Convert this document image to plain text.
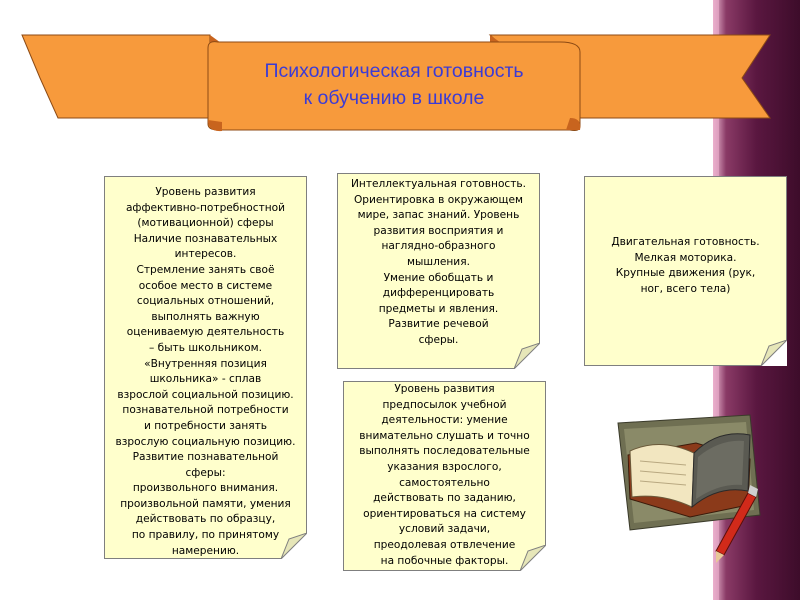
Психологическая готовность
к обучению в школе

Уровень развития
аффективно-потребностной
(мотивационной) сферы
Наличие познавательных
интересов.
Стремление занять своё
особое место в системе
социальных отношений,
выполнять важную
оцениваемую деятельность
– быть школьником.
«Внутренняя позиция
школьника» - сплав
взрослой социальной позицию.
познавательной потребности
и потребности занять
взрослую социальную позицию.
Развитие познавательной
сферы:
произвольного внимания.
произвольной памяти, умения
действовать по образцу,
по правилу, по принятому
намерению.

Интеллектуальная готовность.
Ориентировка в окружающем
мире, запас знаний. Уровень
развития восприятия и
наглядно-образного
мышления.
Умение обобщать и
дифференцировать
предметы и явления.
Развитие речевой
сферы.

Уровень развития
предпосылок учебной
деятельности: умение
внимательно слушать и точно
выполнять последовательные
указания взрослого,
самостоятельно
действовать по заданию,
ориентироваться на систему
условий задачи,
преодолевая отвлечение
на побочные факторы.

Двигательная готовность.
Мелкая моторика.
Крупные движения (рук,
ног, всего тела)
